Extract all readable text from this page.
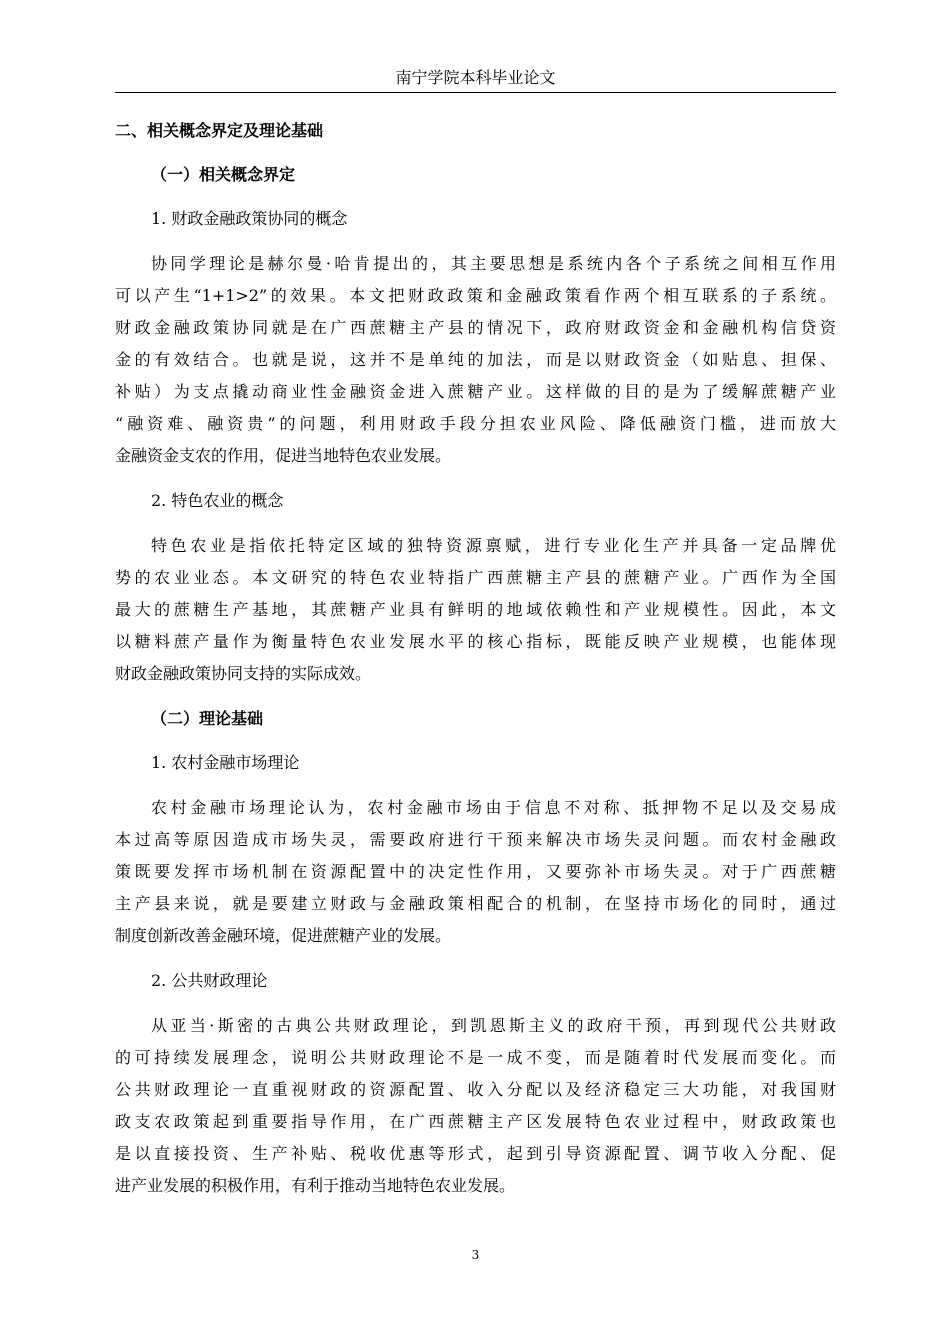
南宁学院本科毕业论文
二、相关概念界定及理论基础
（一）相关概念界定
1. 财政金融政策协同的概念
协同学理论是赫尔曼·哈肯提出的，其主要思想是系统内各个子系统之间相互作用
可以产生“1+1>2”的效果。本文把财政政策和金融政策看作两个相互联系的子系统。
财政金融政策协同就是在广西蔗糖主产县的情况下，政府财政资金和金融机构信贷资
金的有效结合。也就是说，这并不是单纯的加法，而是以财政资金（如贴息、担保、
补贴）为支点撬动商业性金融资金进入蔗糖产业。这样做的目的是为了缓解蔗糖产业
“融资难、融资贵”的问题，利用财政手段分担农业风险、降低融资门槛，进而放大
金融资金支农的作用，促进当地特色农业发展。
2. 特色农业的概念
特色农业是指依托特定区域的独特资源禀赋，进行专业化生产并具备一定品牌优
势的农业业态。本文研究的特色农业特指广西蔗糖主产县的蔗糖产业。广西作为全国
最大的蔗糖生产基地，其蔗糖产业具有鲜明的地域依赖性和产业规模性。因此，本文
以糖料蔗产量作为衡量特色农业发展水平的核心指标，既能反映产业规模，也能体现
财政金融政策协同支持的实际成效。
（二）理论基础
1. 农村金融市场理论
农村金融市场理论认为，农村金融市场由于信息不对称、抵押物不足以及交易成
本过高等原因造成市场失灵，需要政府进行干预来解决市场失灵问题。而农村金融政
策既要发挥市场机制在资源配置中的决定性作用，又要弥补市场失灵。对于广西蔗糖
主产县来说，就是要建立财政与金融政策相配合的机制，在坚持市场化的同时，通过
制度创新改善金融环境，促进蔗糖产业的发展。
2. 公共财政理论
从亚当·斯密的古典公共财政理论，到凯恩斯主义的政府干预，再到现代公共财政
的可持续发展理念，说明公共财政理论不是一成不变，而是随着时代发展而变化。而
公共财政理论一直重视财政的资源配置、收入分配以及经济稳定三大功能，对我国财
政支农政策起到重要指导作用，在广西蔗糖主产区发展特色农业过程中，财政政策也
是以直接投资、生产补贴、税收优惠等形式，起到引导资源配置、调节收入分配、促
进产业发展的积极作用，有利于推动当地特色农业发展。
3
